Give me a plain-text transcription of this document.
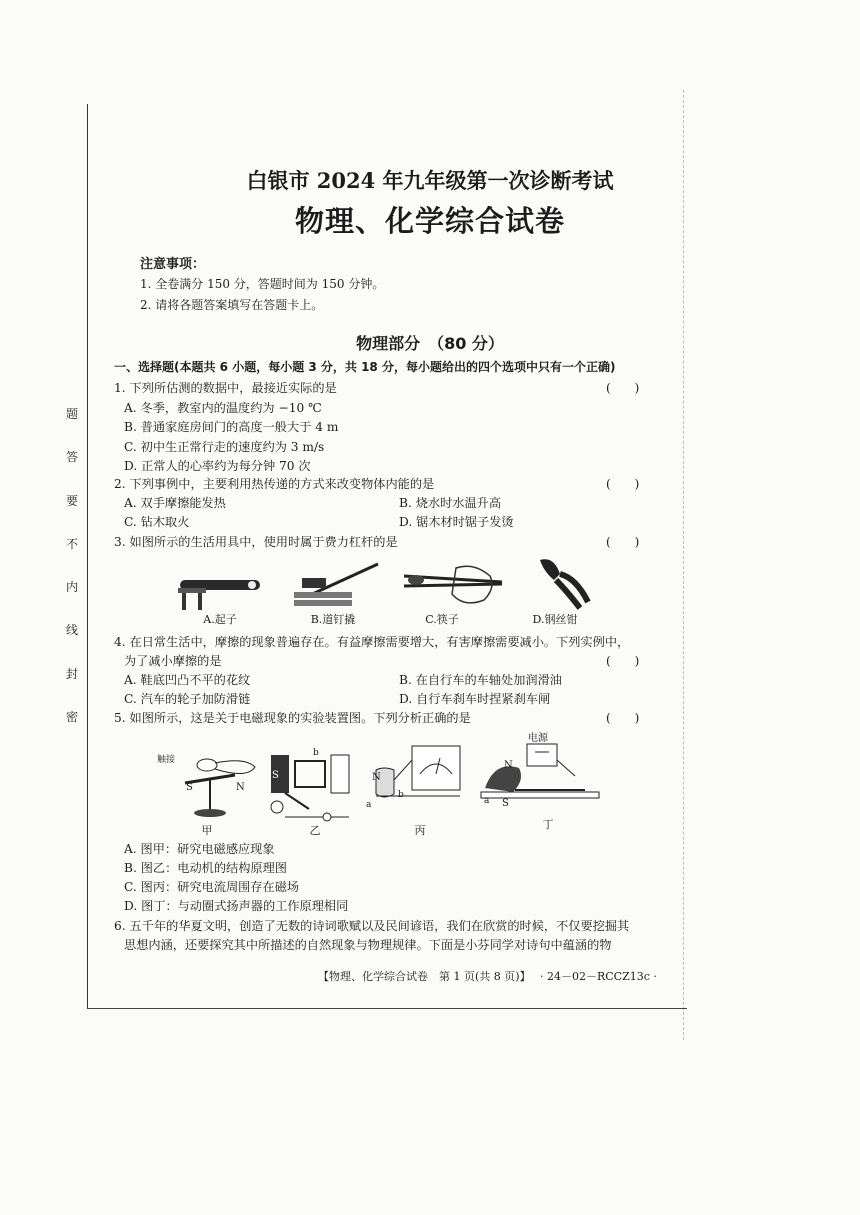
题
答
要
不
内
线
封
密
白银市 2024 年九年级第一次诊断考试
物理、化学综合试卷
注意事项：
1. 全卷满分 150 分，答题时间为 150 分钟。
2. 请将各题答案填写在答题卡上。
物理部分　（80 分）
一、选择题(本题共 6 小题，每小题 3 分，共 18 分，每小题给出的四个选项中只有一个正确)
1. 下列所估测的数据中，最接近实际的是	(　　)
A. 冬季，教室内的温度约为 −10 ℃
B. 普通家庭房间门的高度一般大于 4 m
C. 初中生正常行走的速度约为 3 m/s
D. 正常人的心率约为每分钟 70 次
2. 下列事例中，主要利用热传递的方式来改变物体内能的是	(　　)
A. 双手摩擦能发热	B. 烧水时水温升高
C. 钻木取火	D. 锯木材时锯子发烫
3. 如图所示的生活用具中，使用时属于费力杠杆的是	(　　)
A.起子	B.道钉撬	C.筷子	D.钢丝钳
4. 在日常生活中，摩擦的现象普遍存在。有益摩擦需要增大，有害摩擦需要减小。下列实例中，
为了减小摩擦的是	(　　)
A. 鞋底凹凸不平的花纹	B. 在自行车的车轴处加润滑油
C. 汽车的轮子加防滑链	D. 自行车刹车时捏紧刹车闸
5. 如图所示，这是关于电磁现象的实验装置图。下列分析正确的是	(　　)
触接
S	N
S
b
N
b
a
电源
N
S
a
甲	乙	丙	丁
A. 图甲：研究电磁感应现象
B. 图乙：电动机的结构原理图
C. 图丙：研究电流周围存在磁场
D. 图丁：与动圈式扬声器的工作原理相同
6. 五千年的华夏文明，创造了无数的诗词歌赋以及民间谚语，我们在欣赏的时候，不仅要挖掘其
思想内涵，还要探究其中所描述的自然现象与物理规律。下面是小芬同学对诗句中蕴涵的物
【物理、化学综合试卷　第 1 页(共 8 页)】 · 24－02－RCCZ13c ·
